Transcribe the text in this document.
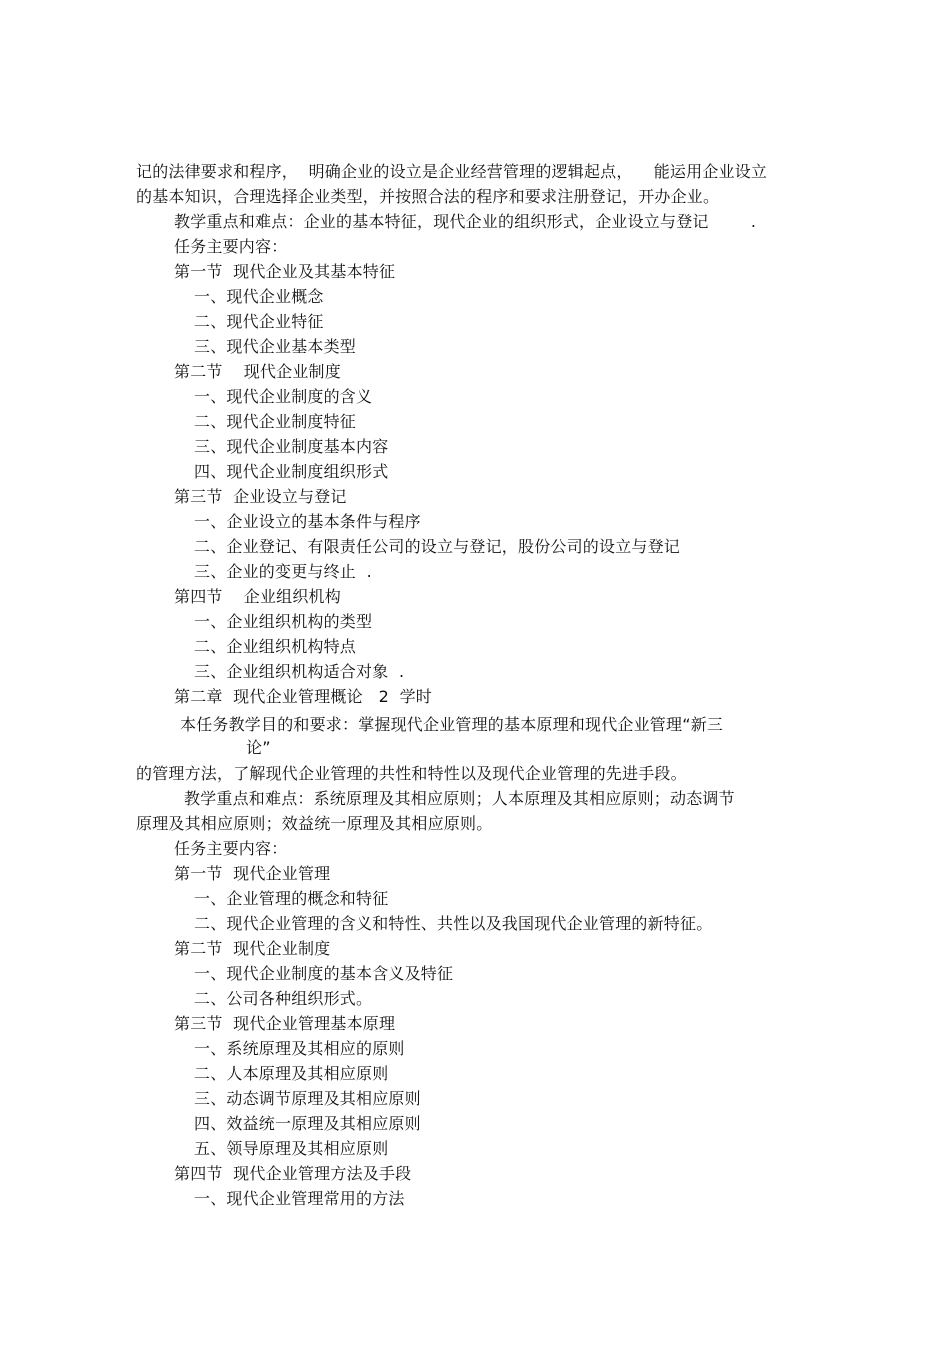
记的法律要求和程序，  明确企业的设立是企业经营管理的逻辑起点，    能运用企业设立
的基本知识，合理选择企业类型，并按照合法的程序和要求注册登记，开办企业。
教学重点和难点：企业的基本特征，现代企业的组织形式，企业设立与登记        .
任务主要内容：
第一节  现代企业及其基本特征
一、现代企业概念
二、现代企业特征
三、现代企业基本类型
第二节    现代企业制度
一、现代企业制度的含义
二、现代企业制度特征
三、现代企业制度基本内容
四、现代企业制度组织形式
第三节  企业设立与登记
一、企业设立的基本条件与程序
二、企业登记、有限责任公司的设立与登记，股份公司的设立与登记
三、企业的变更与终止  .
第四节    企业组织机构
一、企业组织机构的类型
二、企业组织机构特点
三、企业组织机构适合对象  .
第二章  现代企业管理概论   2  学时
本任务教学目的和要求：掌握现代企业管理的基本原理和现代企业管理“新三
论”
的管理方法，了解现代企业管理的共性和特性以及现代企业管理的先进手段。
教学重点和难点：系统原理及其相应原则；人本原理及其相应原则；动态调节
原理及其相应原则；效益统一原理及其相应原则。
任务主要内容：
第一节  现代企业管理
一、企业管理的概念和特征
二、现代企业管理的含义和特性、共性以及我国现代企业管理的新特征。
第二节  现代企业制度
一、现代企业制度的基本含义及特征
二、公司各种组织形式。
第三节  现代企业管理基本原理
一、系统原理及其相应的原则
二、人本原理及其相应原则
三、动态调节原理及其相应原则
四、效益统一原理及其相应原则
五、领导原理及其相应原则
第四节  现代企业管理方法及手段
一、现代企业管理常用的方法
